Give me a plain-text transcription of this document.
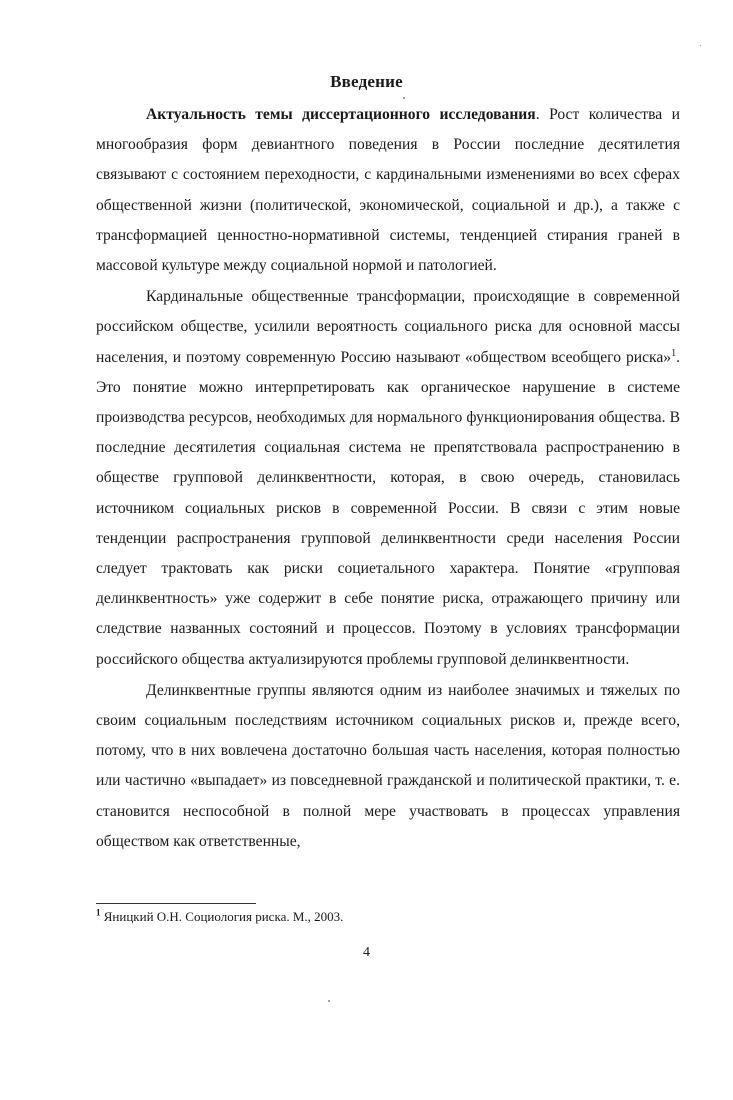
Введение

Актуальность темы диссертационного исследования. Рост количества и многообразия форм девиантного поведения в России последние десятилетия связывают с состоянием переходности, с кардинальными изменениями во всех сферах общественной жизни (политической, экономической, социальной и др.), а также с трансформацией ценностно-нормативной системы, тенденцией стирания граней в массовой культуре между социальной нормой и патологией.

Кардинальные общественные трансформации, происходящие в современной российском обществе, усилили вероятность социального риска для основной массы населения, и поэтому современную Россию называют «обществом всеобщего риска»$^1$. Это понятие можно интерпретировать как органическое нарушение в системе производства ресурсов, необходимых для нормального функционирования общества. В последние десятилетия социальная система не препятствовала распространению в обществе групповой делинквентности, которая, в свою очередь, становилась источником социальных рисков в современной России. В связи с этим новые тенденции распространения групповой делинквентности среди населения России следует трактовать как риски социетального характера. Понятие «групповая делинквентность» уже содержит в себе понятие риска, отражающего причину или следствие названных состояний и процессов. Поэтому в условиях трансформации российского общества актуализируются проблемы групповой делинквентности.

Делинквентные группы являются одним из наиболее значимых и тяжелых по своим социальным последствиям источником социальных рисков и, прежде всего, потому, что в них вовлечена достаточно большая часть населения, которая полностью или частично «выпадает» из повседневной гражданской и политической практики, т. е. становится неспособной в полной мере участвовать в процессах управления обществом как ответственные,

$^1$ Яницкий О.Н. Социология риска. М., 2003.
4
